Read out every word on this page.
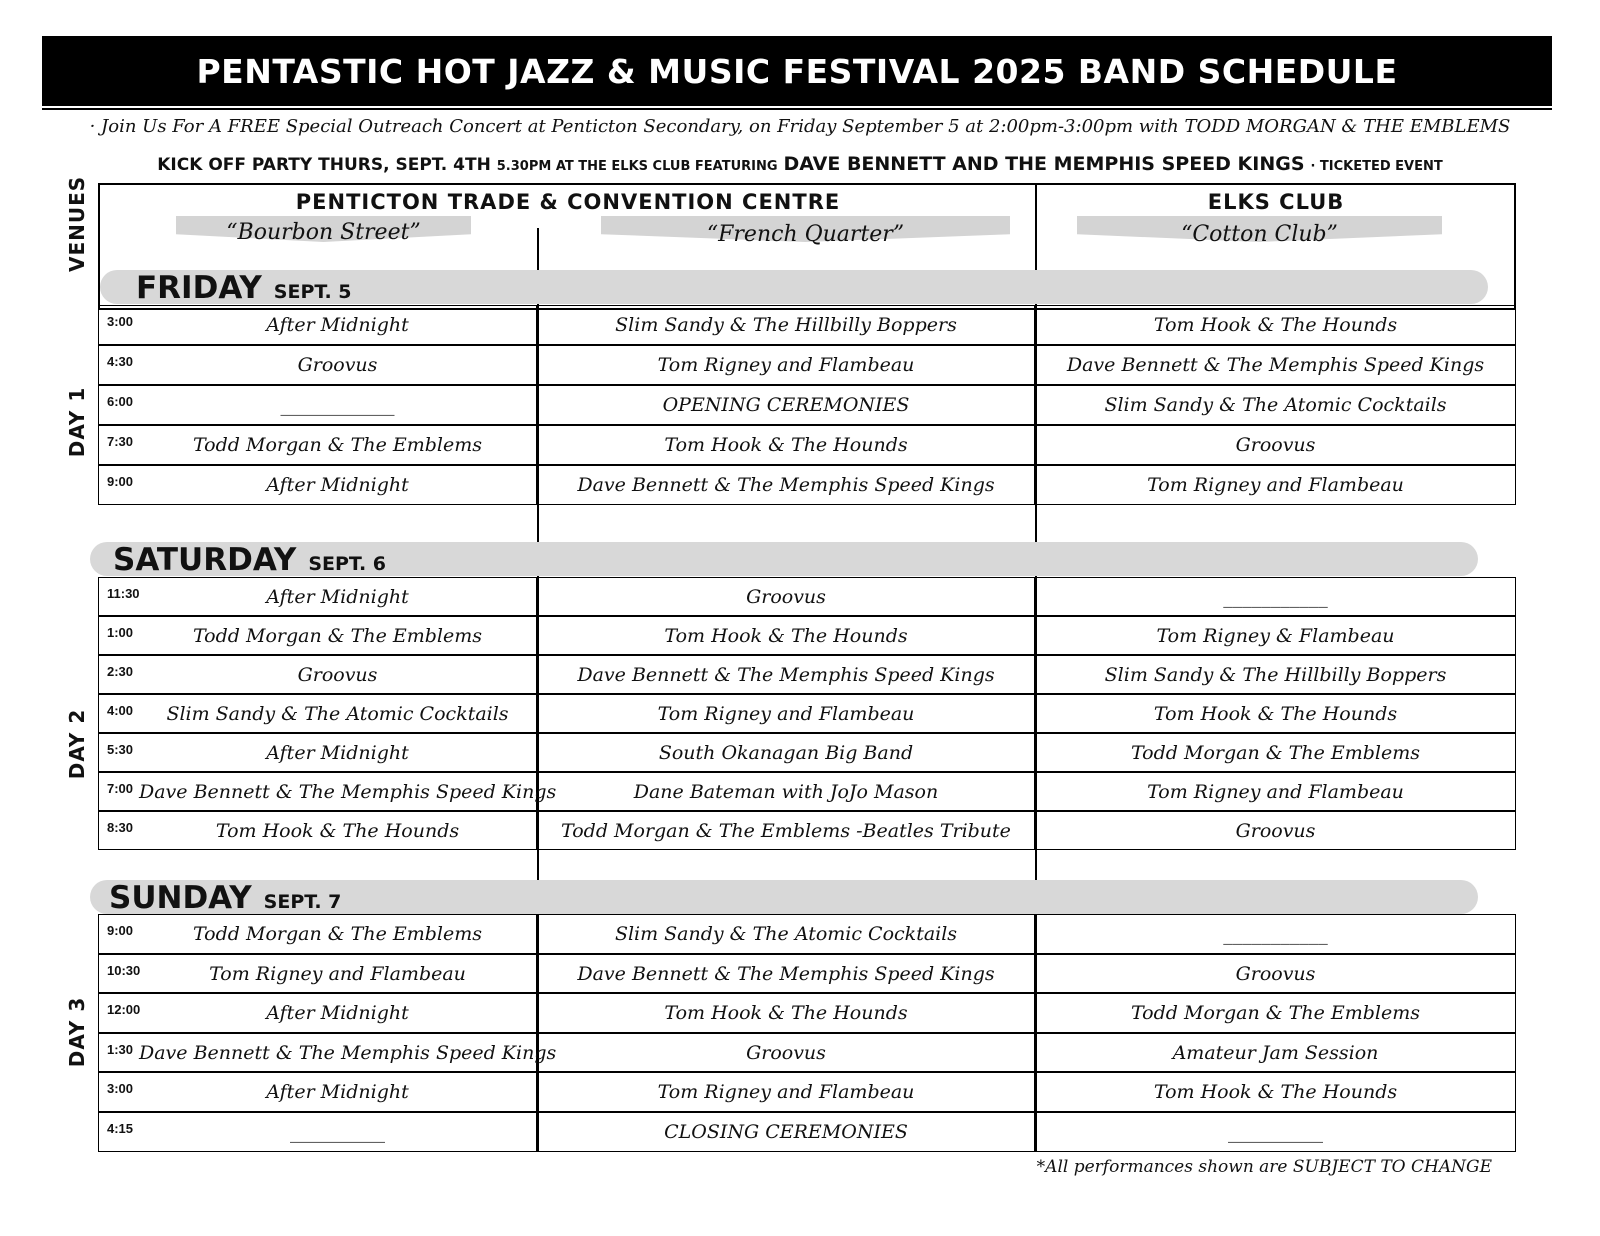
PENTASTIC HOT JAZZ & MUSIC FESTIVAL 2025 BAND SCHEDULE
· Join Us For A FREE Special Outreach Concert at Penticton Secondary, on Friday September 5 at 2:00pm-3:00pm with TODD MORGAN & THE EMBLEMS
KICK OFF PARTY THURS, SEPT. 4TH 5.30PM AT THE ELKS CLUB FEATURING DAVE BENNETT AND THE MEMPHIS SPEED KINGS · TICKETED EVENT
VENUES	PENTICTON TRADE & CONVENTION CENTRE	ELKS CLUB
“Bourbon Street”	“French Quarter”	“Cotton Club”
FRIDAY SEPT. 5
DAY 1
3:00	After Midnight	Slim Sandy & The Hillbilly Boppers	Tom Hook & The Hounds
4:30	Groovus	Tom Rigney and Flambeau	Dave Bennett & The Memphis Speed Kings
6:00	____________	OPENING CEREMONIES	Slim Sandy & The Atomic Cocktails
7:30	Todd Morgan & The Emblems	Tom Hook & The Hounds	Groovus
9:00	After Midnight	Dave Bennett & The Memphis Speed Kings	Tom Rigney and Flambeau
SATURDAY SEPT. 6
DAY 2
11:30	After Midnight	Groovus	___________
1:00	Todd Morgan & The Emblems	Tom Hook & The Hounds	Tom Rigney & Flambeau
2:30	Groovus	Dave Bennett & The Memphis Speed Kings	Slim Sandy & The Hillbilly Boppers
4:00	Slim Sandy & The Atomic Cocktails	Tom Rigney and Flambeau	Tom Hook & The Hounds
5:30	After Midnight	South Okanagan Big Band	Todd Morgan & The Emblems
7:00 Dave Bennett & The Memphis Speed Kings	Dane Bateman with JoJo Mason	Tom Rigney and Flambeau
8:30	Tom Hook & The Hounds	Todd Morgan & The Emblems -Beatles Tribute	Groovus
SUNDAY SEPT. 7
DAY 3
9:00	Todd Morgan & The Emblems	Slim Sandy & The Atomic Cocktails	___________
10:30	Tom Rigney and Flambeau	Dave Bennett & The Memphis Speed Kings	Groovus
12:00	After Midnight	Tom Hook & The Hounds	Todd Morgan & The Emblems
1:30 Dave Bennett & The Memphis Speed Kings	Groovus	Amateur Jam Session
3:00	After Midnight	Tom Rigney and Flambeau	Tom Hook & The Hounds
4:15	__________	CLOSING CEREMONIES	__________
*All performances shown are SUBJECT TO CHANGE
